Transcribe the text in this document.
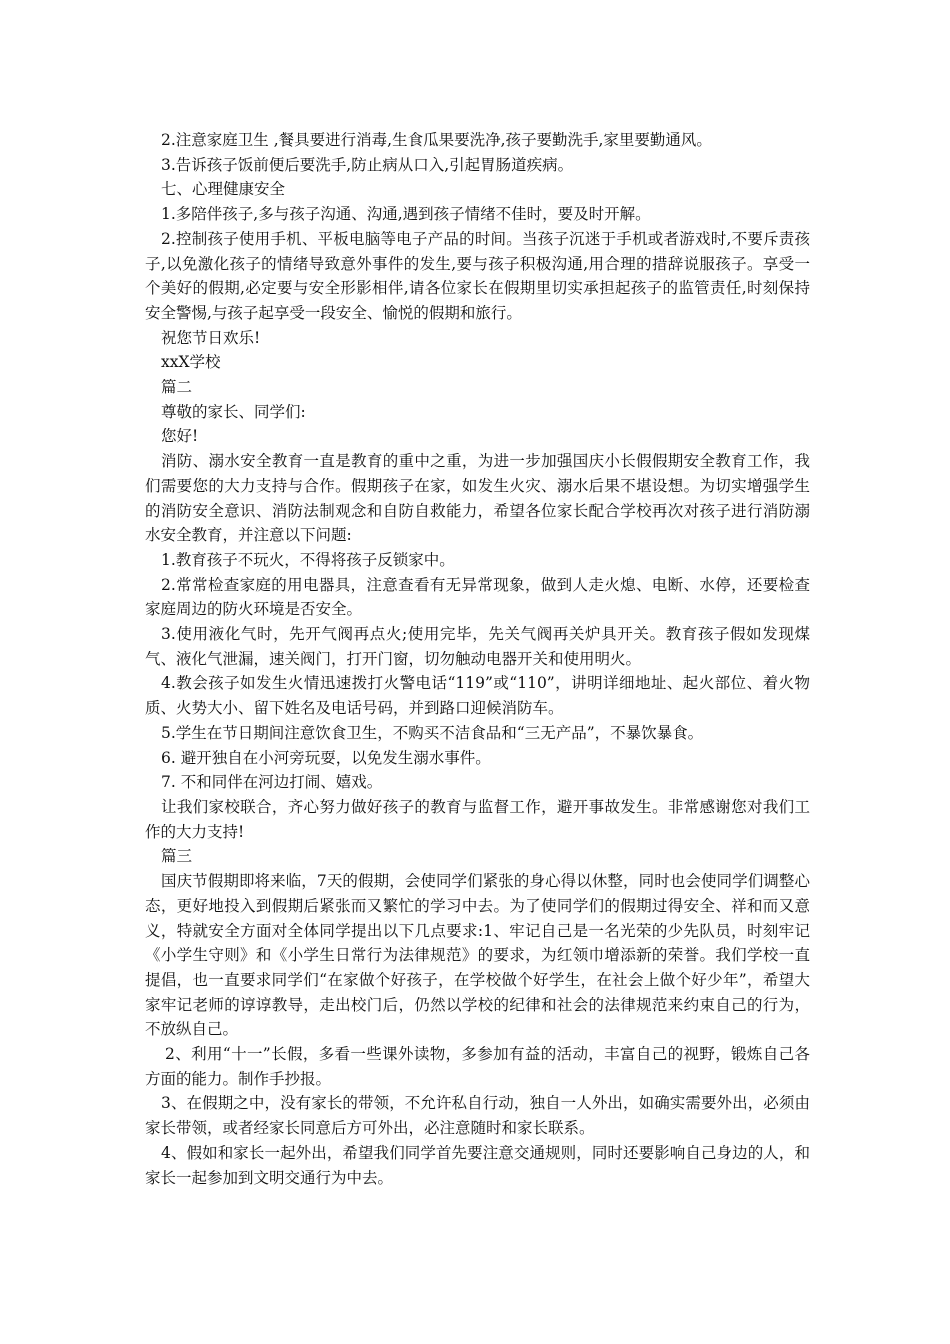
2.注意家庭卫生 ,餐具要进行消毒,生食瓜果要洗净,孩子要勤洗手,家里要勤通风。

3.告诉孩子饭前便后要洗手,防止病从口入,引起胃肠道疾病。

七、心理健康安全

1.多陪伴孩子,多与孩子沟通、沟通,遇到孩子情绪不佳时，要及时开解。

2.控制孩子使用手机、平板电脑等电子产品的时间。当孩子沉迷于手机或者游戏时,不要斥责孩子,以免激化孩子的情绪导致意外事件的发生,要与孩子积极沟通,用合理的措辞说服孩子。享受一个美好的假期,必定要与安全形影相伴,请各位家长在假期里切实承担起孩子的监管责任,时刻保持安全警惕,与孩子起享受一段安全、愉悦的假期和旅行。

祝您节日欢乐!

xxX学校

篇二

尊敬的家长、同学们:

您好!

消防、溺水安全教育一直是教育的重中之重，为进一步加强国庆小长假假期安全教育工作，我们需要您的大力支持与合作。假期孩子在家，如发生火灾、溺水后果不堪设想。为切实增强学生的消防安全意识、消防法制观念和自防自救能力，希望各位家长配合学校再次对孩子进行消防溺水安全教育，并注意以下问题:

1.教育孩子不玩火，不得将孩子反锁家中。

2.常常检查家庭的用电器具，注意查看有无异常现象，做到人走火熄、电断、水停，还要检查家庭周边的防火环境是否安全。

3.使用液化气时，先开气阀再点火;使用完毕，先关气阀再关炉具开关。教育孩子假如发现煤气、液化气泄漏，速关阀门，打开门窗，切勿触动电器开关和使用明火。

4.教会孩子如发生火情迅速拨打火警电话“119”或“110”，讲明详细地址、起火部位、着火物质、火势大小、留下姓名及电话号码，并到路口迎候消防车。

5.学生在节日期间注意饮食卫生，不购买不洁食品和“三无产品”，不暴饮暴食。

6. 避开独自在小河旁玩耍，以免发生溺水事件。

7. 不和同伴在河边打闹、嬉戏。

让我们家校联合，齐心努力做好孩子的教育与监督工作，避开事故发生。非常感谢您对我们工作的大力支持!

篇三

国庆节假期即将来临，7天的假期，会使同学们紧张的身心得以休整，同时也会使同学们调整心态，更好地投入到假期后紧张而又繁忙的学习中去。为了使同学们的假期过得安全、祥和而又意义，特就安全方面对全体同学提出以下几点要求:1、牢记自己是一名光荣的少先队员，时刻牢记《小学生守则》和《小学生日常行为法律规范》的要求，为红领巾增添新的荣誉。我们学校一直提倡，也一直要求同学们“在家做个好孩子，在学校做个好学生，在社会上做个好少年”，希望大家牢记老师的谆谆教导，走出校门后，仍然以学校的纪律和社会的法律规范来约束自己的行为，不放纵自己。

2、利用“十一”长假，多看一些课外读物，多参加有益的活动，丰富自己的视野，锻炼自己各方面的能力。制作手抄报。

3、在假期之中，没有家长的带领，不允许私自行动，独自一人外出，如确实需要外出，必须由家长带领，或者经家长同意后方可外出，必注意随时和家长联系。

4、假如和家长一起外出，希望我们同学首先要注意交通规则，同时还要影响自己身边的人，和家长一起参加到文明交通行为中去。
